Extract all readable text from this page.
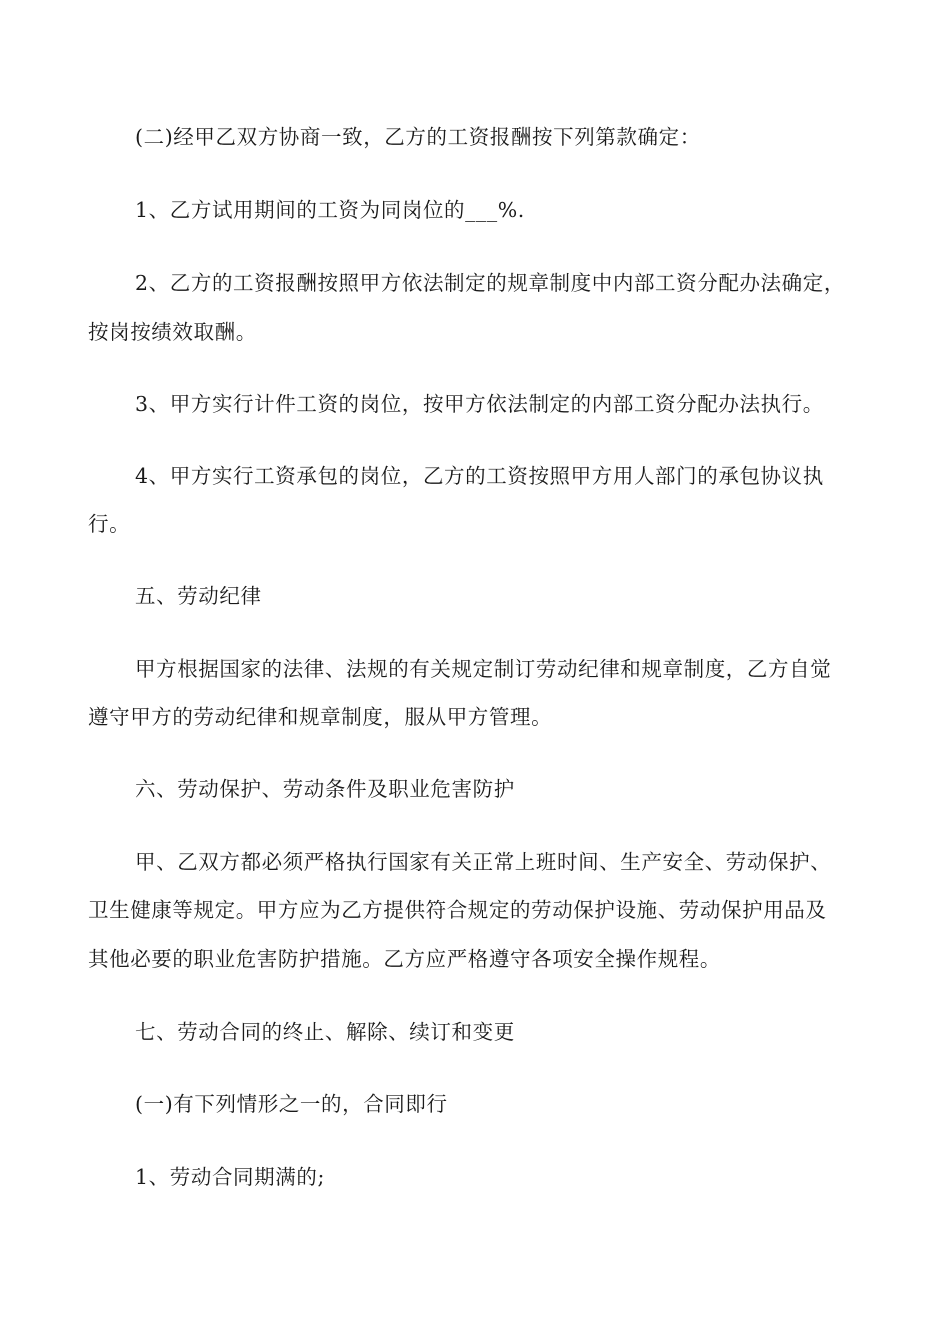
(二)经甲乙双方协商一致，乙方的工资报酬按下列第款确定：
1、乙方试用期间的工资为同岗位的___%.
2、乙方的工资报酬按照甲方依法制定的规章制度中内部工资分配办法确定，
按岗按绩效取酬。
3、甲方实行计件工资的岗位，按甲方依法制定的内部工资分配办法执行。
4、甲方实行工资承包的岗位，乙方的工资按照甲方用人部门的承包协议执
行。
五、劳动纪律
甲方根据国家的法律、法规的有关规定制订劳动纪律和规章制度，乙方自觉
遵守甲方的劳动纪律和规章制度，服从甲方管理。
六、劳动保护、劳动条件及职业危害防护
甲、乙双方都必须严格执行国家有关正常上班时间、生产安全、劳动保护、
卫生健康等规定。甲方应为乙方提供符合规定的劳动保护设施、劳动保护用品及
其他必要的职业危害防护措施。乙方应严格遵守各项安全操作规程。
七、劳动合同的终止、解除、续订和变更
(一)有下列情形之一的，合同即行
1、劳动合同期满的;
